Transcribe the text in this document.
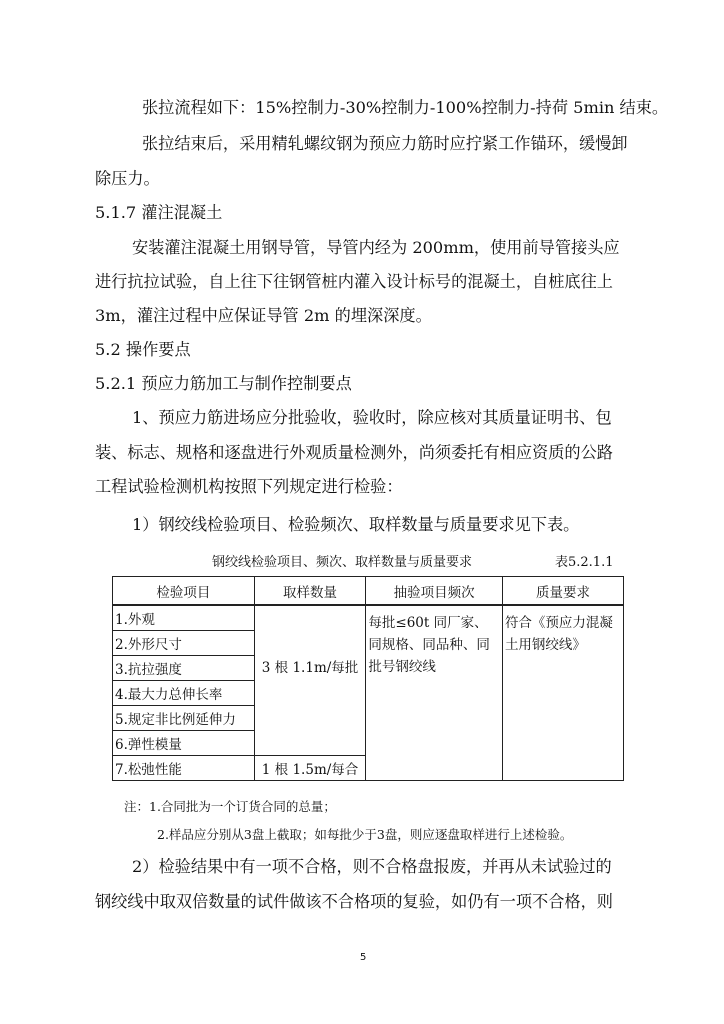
张拉流程如下：15%控制力-30%控制力-100%控制力-持荷 5min 结束。
张拉结束后，采用精轧螺纹钢为预应力筋时应拧紧工作锚环，缓慢卸
除压力。
5.1.7 灌注混凝土
安装灌注混凝土用钢导管，导管内经为 200mm，使用前导管接头应
进行抗拉试验，自上往下往钢管桩内灌入设计标号的混凝土，自桩底往上
3m，灌注过程中应保证导管 2m 的埋深深度。
5.2 操作要点
5.2.1 预应力筋加工与制作控制要点
1、预应力筋进场应分批验收，验收时，除应核对其质量证明书、包
装、标志、规格和逐盘进行外观质量检测外，尚须委托有相应资质的公路
工程试验检测机构按照下列规定进行检验：
1）钢绞线检验项目、检验频次、取样数量与质量要求见下表。
钢绞线检验项目、频次、取样数量与质量要求	表5.2.1.1
检验项目	取样数量	抽验项目频次	质量要求
1.外观	3 根 1.1m/每批	每批≤60t 同厂家、同规格、同品种、同批号钢绞线	符合《预应力混凝土用钢绞线》
2.外形尺寸			
3.抗拉强度			
4.最大力总伸长率			
5.规定非比例延伸力			
6.弹性模量			
7.松弛性能	1 根 1.5m/每合		
注：1.合同批为一个订货合同的总量；
2.样品应分别从3盘上截取；如每批少于3盘，则应逐盘取样进行上述检验。
2）检验结果中有一项不合格，则不合格盘报废，并再从未试验过的
钢绞线中取双倍数量的试件做该不合格项的复验，如仍有一项不合格，则
5
